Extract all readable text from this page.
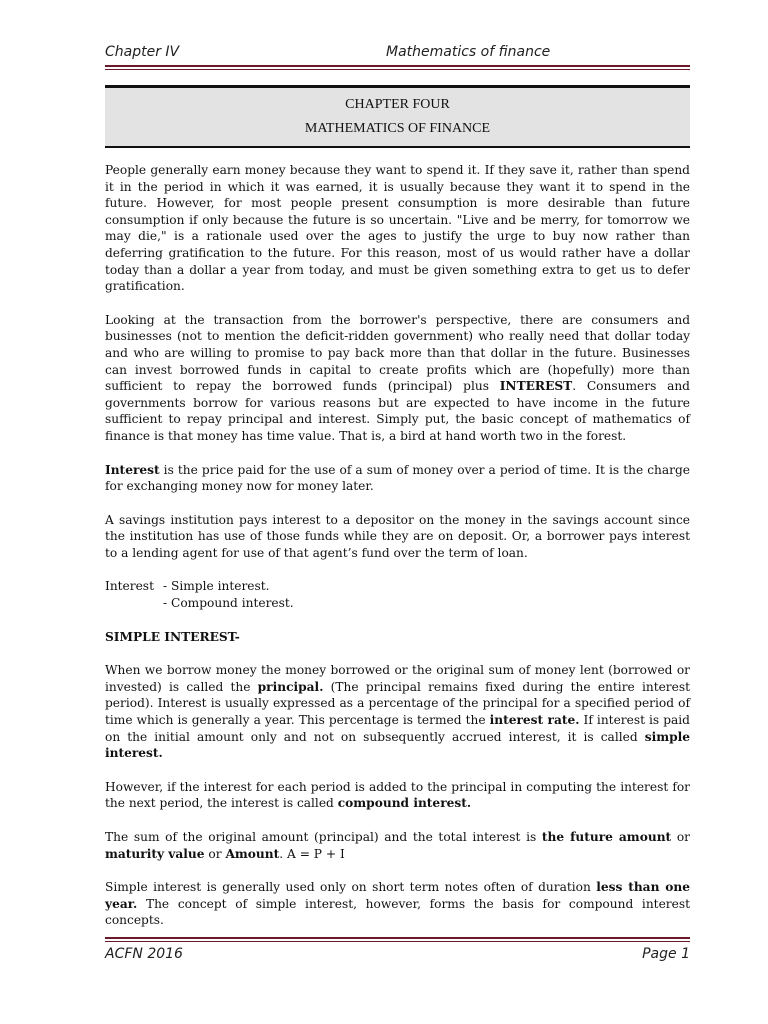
Chapter IV	Mathematics of finance
CHAPTER FOUR
MATHEMATICS OF FINANCE

People generally earn money because they want to spend it. If they save it, rather than spend it in the period in which it was earned, it is usually because they want it to spend in the future. However, for most people present consumption is more desirable than future consumption if only because the future is so uncertain. "Live and be merry, for tomorrow we may die," is a rationale used over the ages to justify the urge to buy now rather than deferring gratification to the future. For this reason, most of us would rather have a dollar today than a dollar a year from today, and must be given something extra to get us to defer gratification.

Looking at the transaction from the borrower's perspective, there are consumers and businesses (not to mention the deficit-ridden government) who really need that dollar today and who are willing to promise to pay back more than that dollar in the future. Businesses can invest borrowed funds in capital to create profits which are (hopefully) more than sufficient to repay the borrowed funds (principal) plus INTEREST. Consumers and governments borrow for various reasons but are expected to have income in the future sufficient to repay principal and interest. Simply put, the basic concept of mathematics of finance is that money has time value. That is, a bird at hand worth two in the forest.

Interest is the price paid for the use of a sum of money over a period of time. It is the charge for exchanging money now for money later.

A savings institution pays interest to a depositor on the money in the savings account since the institution has use of those funds while they are on deposit. Or, a borrower pays interest to a lending agent for use of that agent’s fund over the term of loan.

Interest - Simple interest.
- Compound interest.
SIMPLE INTEREST-

When we borrow money the money borrowed or the original sum of money lent (borrowed or invested) is called the principal. (The principal remains fixed during the entire interest period). Interest is usually expressed as a percentage of the principal for a specified period of time which is generally a year. This percentage is termed the interest rate. If interest is paid on the initial amount only and not on subsequently accrued interest, it is called simple interest.

However, if the interest for each period is added to the principal in computing the interest for the next period, the interest is called compound interest.

The sum of the original amount (principal) and the total interest is the future amount or maturity value or Amount. A = P + I

Simple interest is generally used only on short term notes often of duration less than one year. The concept of simple interest, however, forms the basis for compound interest concepts.

ACFN 2016	Page 1
